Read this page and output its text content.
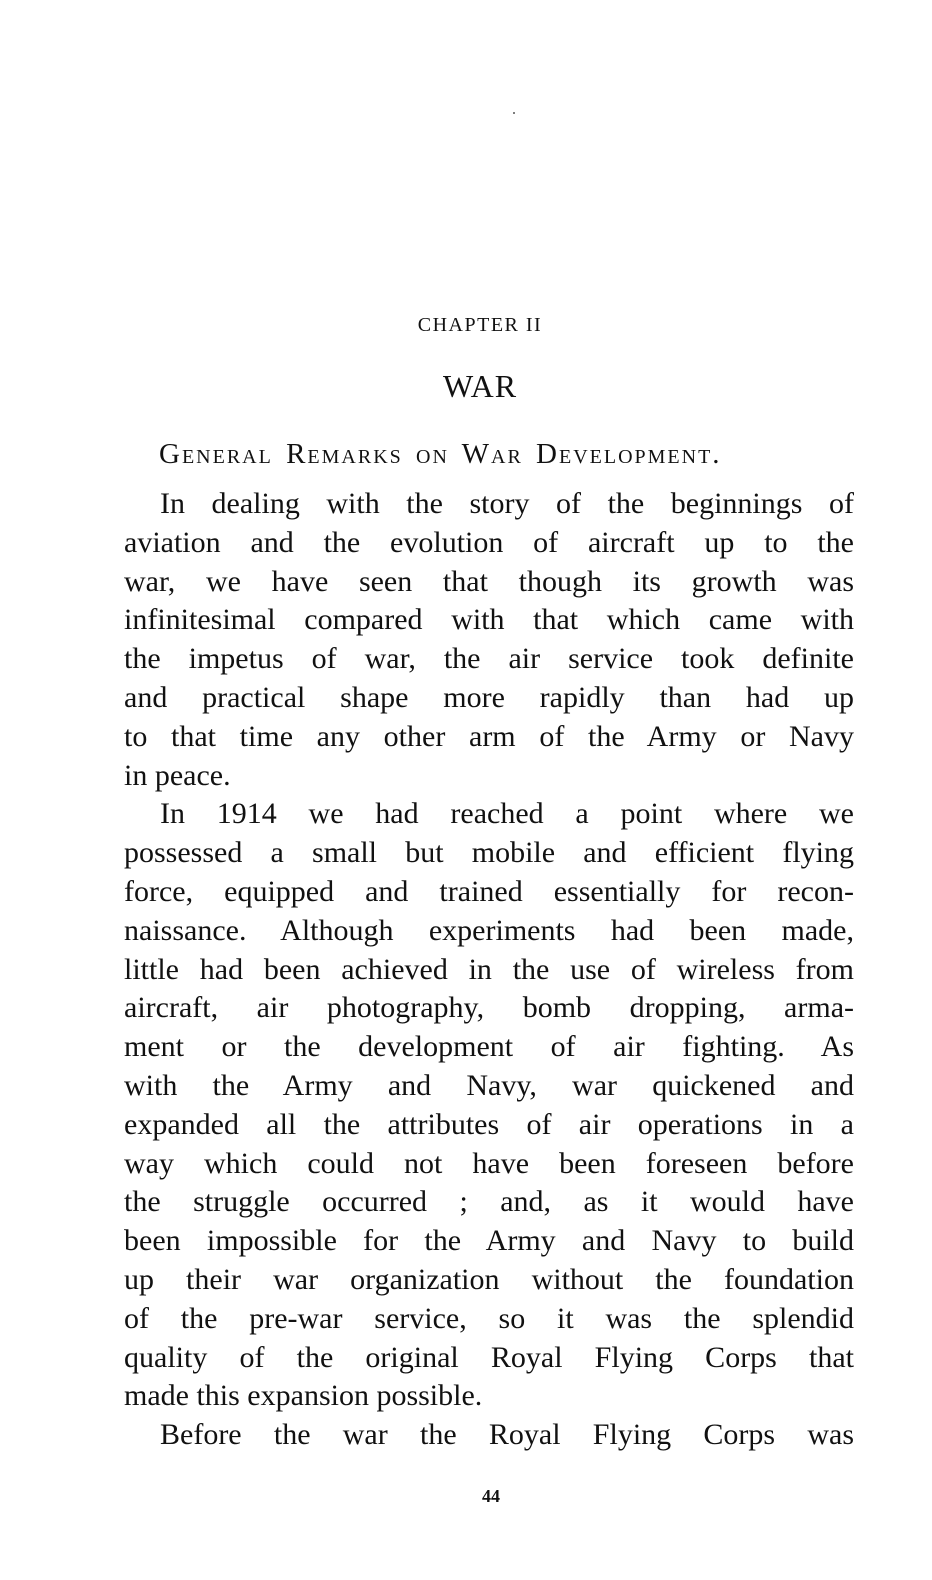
CHAPTER II
WAR
General Remarks on War Development.
In dealing with the story of the beginnings of
aviation and the evolution of aircraft up to the
war, we have seen that though its growth was
infinitesimal compared with that which came with
the impetus of war, the air service took definite
and practical shape more rapidly than had up
to that time any other arm of the Army or Navy
in peace.
In 1914 we had reached a point where we
possessed a small but mobile and efficient flying
force, equipped and trained essentially for recon-
naissance. Although experiments had been made,
little had been achieved in the use of wireless from
aircraft, air photography, bomb dropping, arma-
ment or the development of air fighting. As
with the Army and Navy, war quickened and
expanded all the attributes of air operations in a
way which could not have been foreseen before
the struggle occurred ; and, as it would have
been impossible for the Army and Navy to build
up their war organization without the foundation
of the pre-war service, so it was the splendid
quality of the original Royal Flying Corps that
made this expansion possible.
Before the war the Royal Flying Corps was
44
